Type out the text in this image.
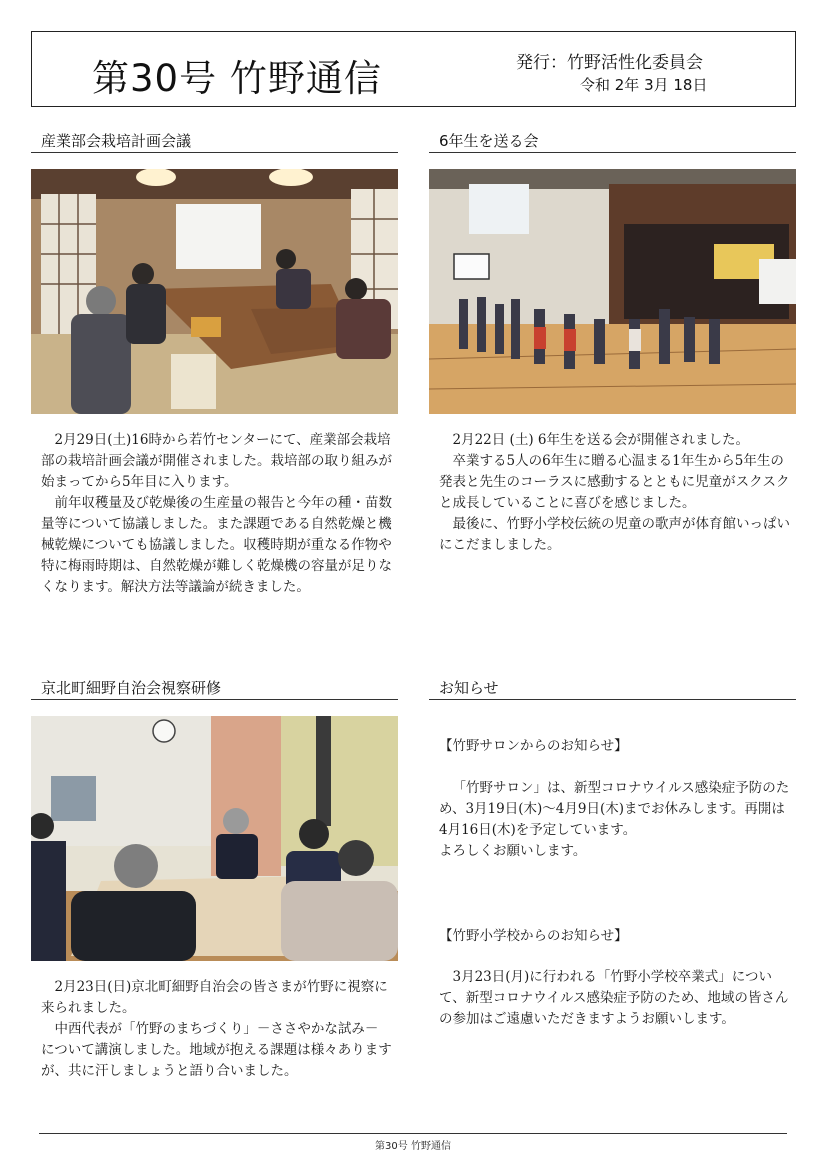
第30号 竹野通信	発行：竹野活性化委員会
令和 2年 3月 18日
産業部会栽培計画会議

2月29日(土)16時から若竹センターにて、産業部会栽培部の栽培計画会議が開催されました。栽培部の取り組みが始まってから5年目に入ります。

前年収穫量及び乾燥後の生産量の報告と今年の種・苗数量等について協議しました。また課題である自然乾燥と機械乾燥についても協議しました。収穫時期が重なる作物や特に梅雨時期は、自然乾燥が難しく乾燥機の容量が足りなくなります。解決方法等議論が続きました。

6年生を送る会

2月22日 (土) 6年生を送る会が開催されました。

卒業する5人の6年生に贈る心温まる1年生から5年生の発表と先生のコーラスに感動するとともに児童がスクスクと成長していることに喜びを感じました。

最後に、竹野小学校伝統の児童の歌声が体育館いっぱいにこだましました。

京北町細野自治会視察研修

2月23日(日)京北町細野自治会の皆さまが竹野に視察に来られました。

中西代表が「竹野のまちづくり」－ささやかな試み－ について講演しました。地域が抱える課題は様々ありますが、共に汗しましょうと語り合いました。

お知らせ
【竹野サロンからのお知らせ】

「竹野サロン」は、新型コロナウイルス感染症予防のため、3月19日(木)～4月9日(木)までお休みします。再開は4月16日(木)を予定しています。

よろしくお願いします。

【竹野小学校からのお知らせ】

3月23日(月)に行われる「竹野小学校卒業式」について、新型コロナウイルス感染症予防のため、地域の皆さんの参加はご遠慮いただきますようお願いします。

第30号 竹野通信
